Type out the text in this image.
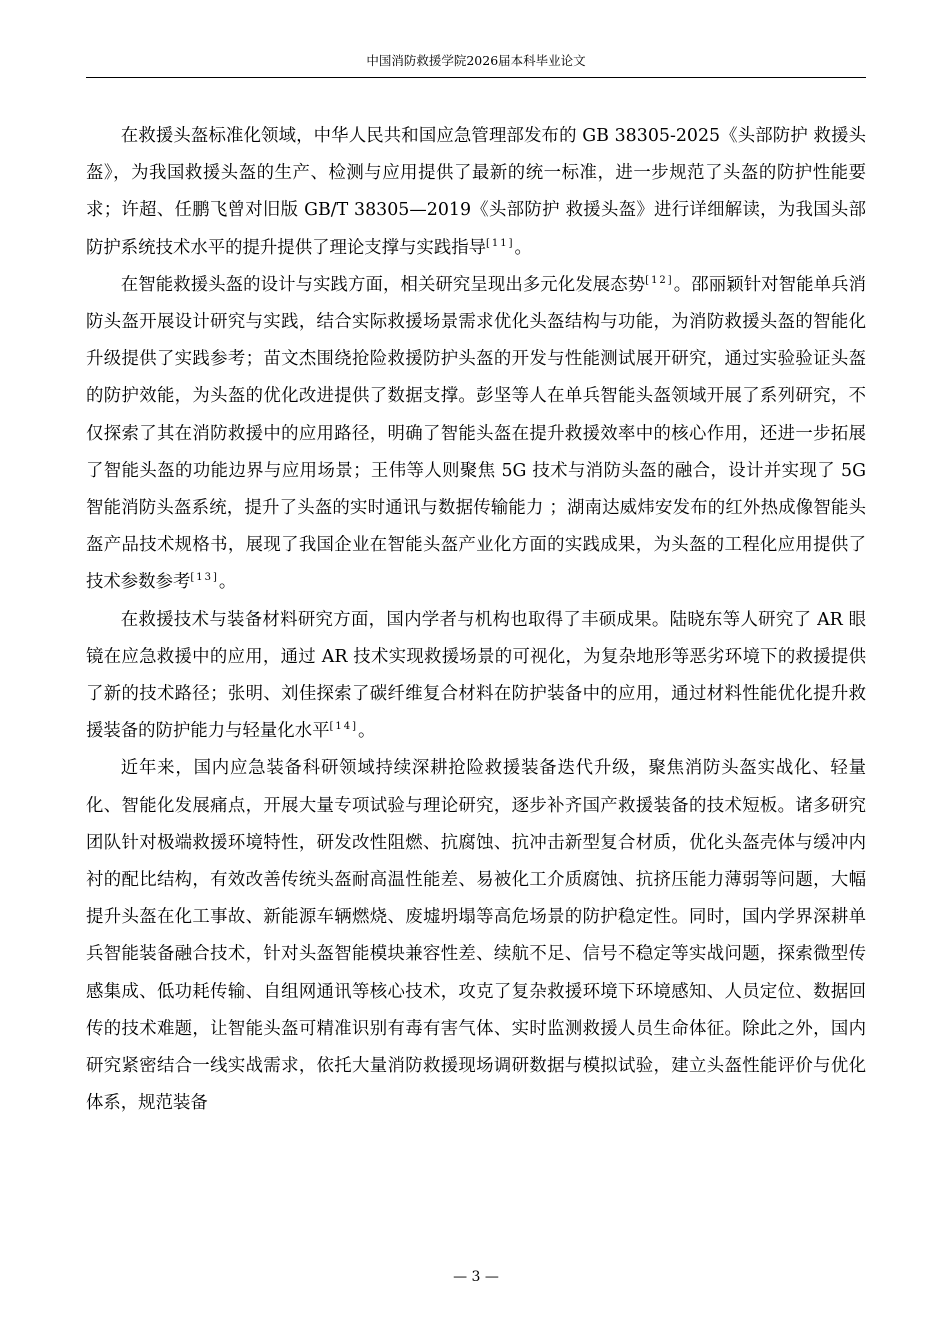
中国消防救援学院2026届本科毕业论文

在救援头盔标准化领域，中华人民共和国应急管理部发布的 GB 38305-2025《头部防护 救援头盔》，为我国救援头盔的生产、检测与应用提供了最新的统一标准，进一步规范了头盔的防护性能要求；许超、任鹏飞曾对旧版 GB/T 38305—2019《头部防护 救援头盔》进行详细解读，为我国头部防护系统技术水平的提升提供了理论支撑与实践指导[11]。

在智能救援头盔的设计与实践方面，相关研究呈现出多元化发展态势[12]。邵丽颖针对智能单兵消防头盔开展设计研究与实践，结合实际救援场景需求优化头盔结构与功能，为消防救援头盔的智能化升级提供了实践参考；苗文杰围绕抢险救援防护头盔的开发与性能测试展开研究，通过实验验证头盔的防护效能，为头盔的优化改进提供了数据支撑。彭坚等人在单兵智能头盔领域开展了系列研究，不仅探索了其在消防救援中的应用路径，明确了智能头盔在提升救援效率中的核心作用，还进一步拓展了智能头盔的功能边界与应用场景；王伟等人则聚焦 5G 技术与消防头盔的融合，设计并实现了 5G 智能消防头盔系统，提升了头盔的实时通讯与数据传输能力 ；湖南达威炜安发布的红外热成像智能头盔产品技术规格书，展现了我国企业在智能头盔产业化方面的实践成果，为头盔的工程化应用提供了技术参数参考[13]。

在救援技术与装备材料研究方面，国内学者与机构也取得了丰硕成果。陆晓东等人研究了 AR 眼镜在应急救援中的应用，通过 AR 技术实现救援场景的可视化，为复杂地形等恶劣环境下的救援提供了新的技术路径；张明、刘佳探索了碳纤维复合材料在防护装备中的应用，通过材料性能优化提升救援装备的防护能力与轻量化水平[14]。

近年来，国内应急装备科研领域持续深耕抢险救援装备迭代升级，聚焦消防头盔实战化、轻量化、智能化发展痛点，开展大量专项试验与理论研究，逐步补齐国产救援装备的技术短板。诸多研究团队针对极端救援环境特性，研发改性阻燃、抗腐蚀、抗冲击新型复合材质，优化头盔壳体与缓冲内衬的配比结构，有效改善传统头盔耐高温性能差、易被化工介质腐蚀、抗挤压能力薄弱等问题，大幅提升头盔在化工事故、新能源车辆燃烧、废墟坍塌等高危场景的防护稳定性。同时，国内学界深耕单兵智能装备融合技术，针对头盔智能模块兼容性差、续航不足、信号不稳定等实战问题，探索微型传感集成、低功耗传输、自组网通讯等核心技术，攻克了复杂救援环境下环境感知、人员定位、数据回传的技术难题，让智能头盔可精准识别有毒有害气体、实时监测救援人员生命体征。除此之外，国内研究紧密结合一线实战需求，依托大量消防救援现场调研数据与模拟试验，建立头盔性能评价与优化体系，规范装备

— 3 —
